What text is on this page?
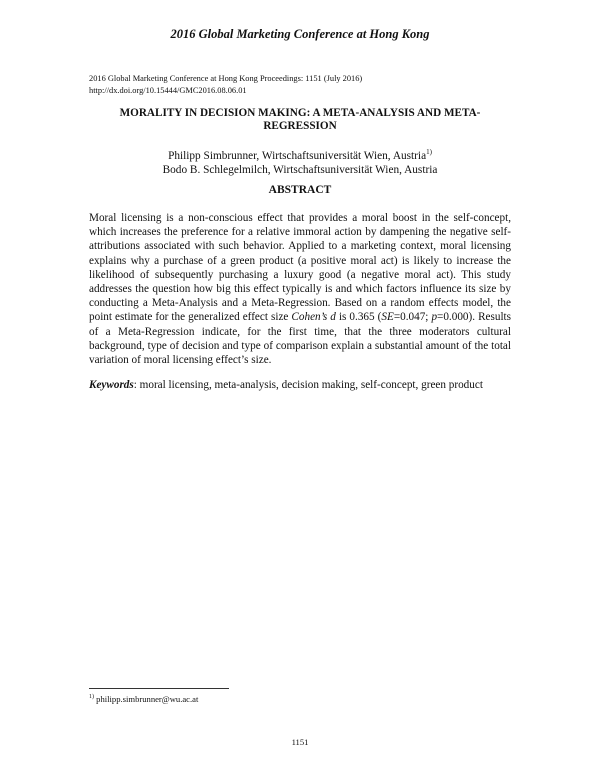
2016 Global Marketing Conference at Hong Kong
2016 Global Marketing Conference at Hong Kong Proceedings: 1151 (July 2016)
http://dx.doi.org/10.15444/GMC2016.08.06.01
MORALITY IN DECISION MAKING: A META-ANALYSIS AND META-REGRESSION
Philipp Simbrunner, Wirtschaftsuniversität Wien, Austria$^{1)}$
Bodo B. Schlegelmilch, Wirtschaftsuniversität Wien, Austria
ABSTRACT
Moral licensing is a non-conscious effect that provides a moral boost in the self-concept, which increases the preference for a relative immoral action by dampening the negative self-attributions associated with such behavior. Applied to a marketing context, moral licensing explains why a purchase of a green product (a positive moral act) is likely to increase the likelihood of subsequently purchasing a luxury good (a negative moral act). This study addresses the question how big this effect typically is and which factors influence its size by conducting a Meta-Analysis and a Meta-Regression. Based on a random effects model, the point estimate for the generalized effect size Cohen’s d is 0.365 (SE=0.047; p=0.000). Results of a Meta-Regression indicate, for the first time, that the three moderators cultural background, type of decision and type of comparison explain a substantial amount of the total variation of moral licensing effect’s size.
Keywords: moral licensing, meta-analysis, decision making, self-concept, green product
$^{1)}$ philipp.simbrunner@wu.ac.at
1151
